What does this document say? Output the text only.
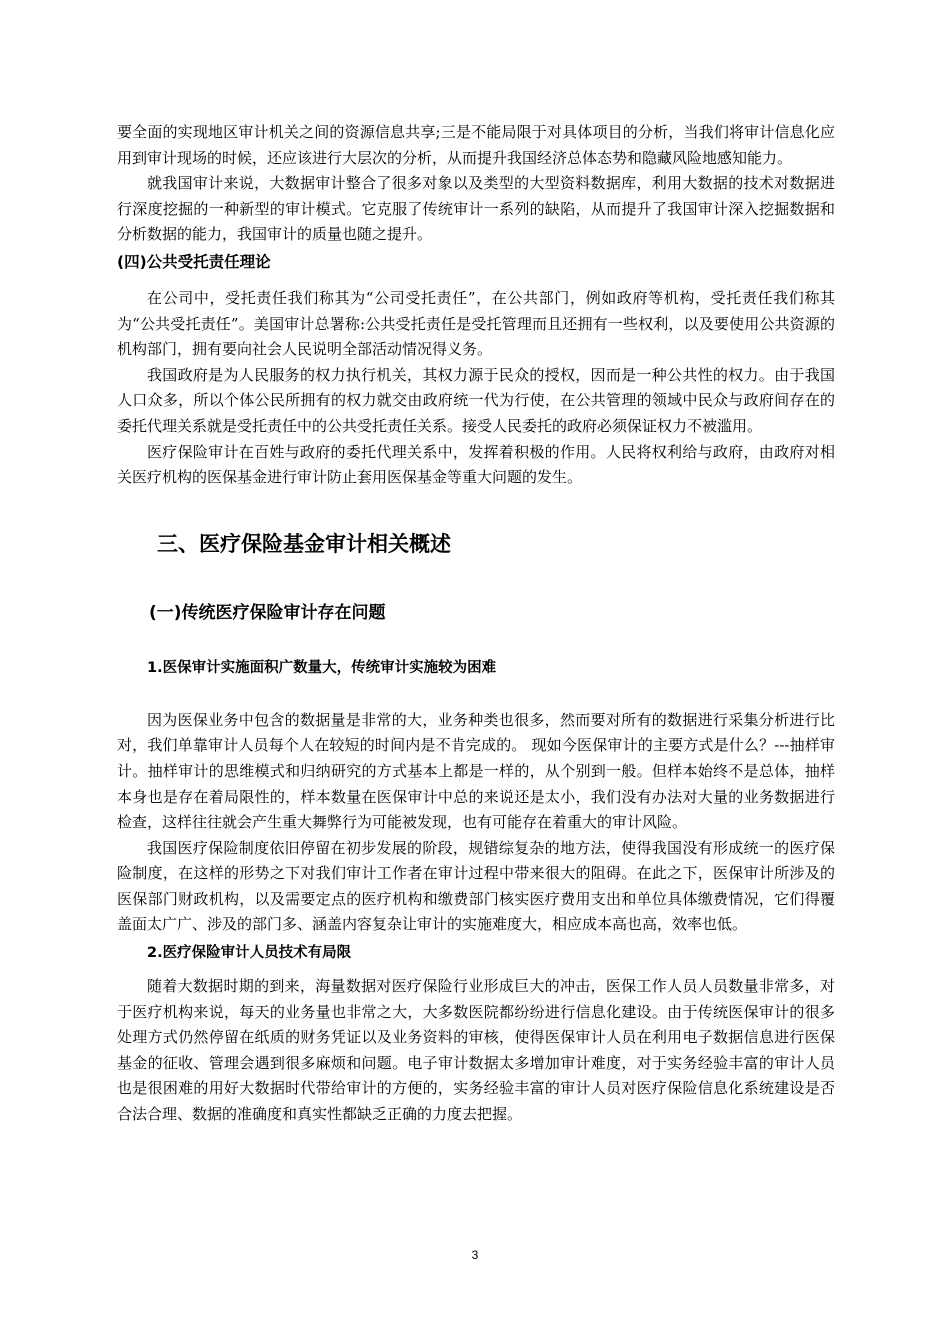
要全面的实现地区审计机关之间的资源信息共享;三是不能局限于对具体项目的分析，当我们将审计信息化应用到审计现场的时候，还应该进行大层次的分析，从而提升我国经济总体态势和隐藏风险地感知能力。

就我国审计来说，大数据审计整合了很多对象以及类型的大型资料数据库，利用大数据的技术对数据进行深度挖掘的一种新型的审计模式。它克服了传统审计一系列的缺陷，从而提升了我国审计深入挖掘数据和分析数据的能力，我国审计的质量也随之提升。

(四)公共受托责任理论

在公司中，受托责任我们称其为“公司受托责任”，在公共部门，例如政府等机构，受托责任我们称其为“公共受托责任”。美国审计总署称:公共受托责任是受托管理而且还拥有一些权利，以及要使用公共资源的机构部门，拥有要向社会人民说明全部活动情况得义务。

我国政府是为人民服务的权力执行机关，其权力源于民众的授权，因而是一种公共性的权力。由于我国人口众多，所以个体公民所拥有的权力就交由政府统一代为行使，在公共管理的领域中民众与政府间存在的委托代理关系就是受托责任中的公共受托责任关系。接受人民委托的政府必须保证权力不被滥用。

医疗保险审计在百姓与政府的委托代理关系中，发挥着积极的作用。人民将权利给与政府，由政府对相关医疗机构的医保基金进行审计防止套用医保基金等重大问题的发生。

三、医疗保险基金审计相关概述
(一)传统医疗保险审计存在问题
1.医保审计实施面积广数量大，传统审计实施较为困难

因为医保业务中包含的数据量是非常的大，业务种类也很多，然而要对所有的数据进行采集分析进行比对，我们单靠审计人员每个人在较短的时间内是不肯完成的。 现如今医保审计的主要方式是什么？---抽样审计。抽样审计的思维模式和归纳研究的方式基本上都是一样的，从个别到一般。但样本始终不是总体，抽样本身也是存在着局限性的，样本数量在医保审计中总的来说还是太小，我们没有办法对大量的业务数据进行检查，这样往往就会产生重大舞弊行为可能被发现，也有可能存在着重大的审计风险。

我国医疗保险制度依旧停留在初步发展的阶段，规错综复杂的地方法，使得我国没有形成统一的医疗保险制度，在这样的形势之下对我们审计工作者在审计过程中带来很大的阻碍。在此之下，医保审计所涉及的医保部门财政机构，以及需要定点的医疗机构和缴费部门核实医疗费用支出和单位具体缴费情况，它们得覆盖面太广广、涉及的部门多、涵盖内容复杂让审计的实施难度大，相应成本高也高，效率也低。

2.医疗保险审计人员技术有局限

随着大数据时期的到来，海量数据对医疗保险行业形成巨大的冲击，医保工作人员人员数量非常多，对于医疗机构来说，每天的业务量也非常之大，大多数医院都纷纷进行信息化建设。由于传统医保审计的很多处理方式仍然停留在纸质的财务凭证以及业务资料的审核，使得医保审计人员在利用电子数据信息进行医保基金的征收、管理会遇到很多麻烦和问题。电子审计数据太多增加审计难度，对于实务经验丰富的审计人员也是很困难的用好大数据时代带给审计的方便的，实务经验丰富的审计人员对医疗保险信息化系统建设是否合法合理、数据的准确度和真实性都缺乏正确的力度去把握。

3
